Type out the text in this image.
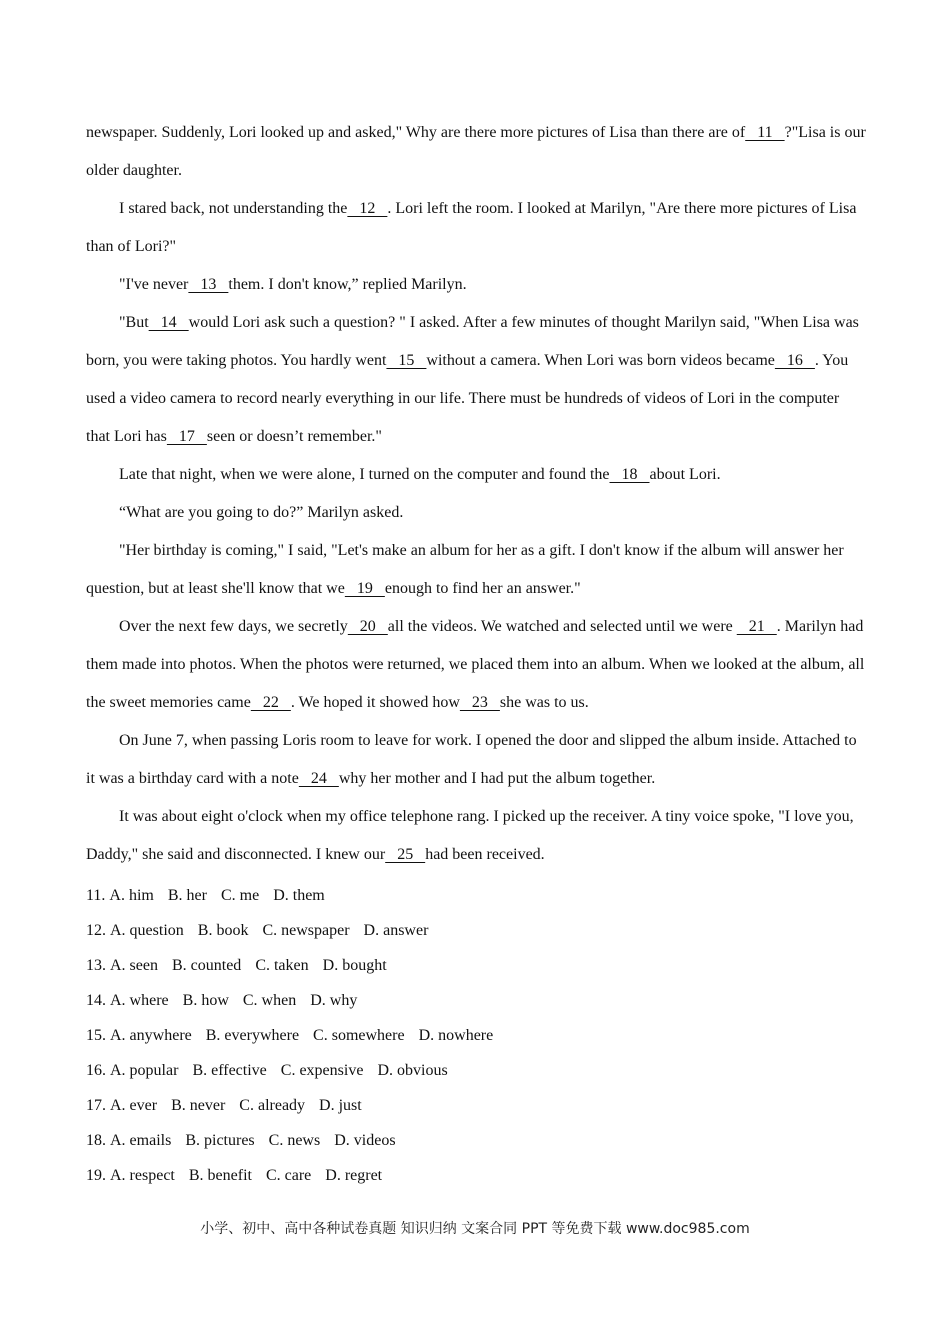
newspaper. Suddenly, Lori looked up and asked," Why are there more pictures of Lisa than there are of   11   ?"Lisa is our older daughter.

I stared back, not understanding the   12   . Lori left the room. I looked at Marilyn, "Are there more pictures of Lisa than of Lori?"

"I've never   13   them. I don't know,” replied Marilyn.

"But   14   would Lori ask such a question? " I asked. After a few minutes of thought Marilyn said, "When Lisa was born, you were taking photos. You hardly went   15   without a camera. When Lori was born videos became   16   . You used a video camera to record nearly everything in our life. There must be hundreds of videos of Lori in the computer that Lori has   17   seen or doesn’t remember."

Late that night, when we were alone, I turned on the computer and found the   18   about Lori.

“What are you going to do?” Marilyn asked.

"Her birthday is coming," I said, "Let's make an album for her as a gift. I don't know if the album will answer her question, but at least she'll know that we   19   enough to find her an answer."

Over the next few days, we secretly   20   all the videos. We watched and selected until we were    21   . Marilyn had them made into photos. When the photos were returned, we placed them into an album. When we looked at the album, all the sweet memories came   22   . We hoped it showed how   23   she was to us.

On June 7, when passing Loris room to leave for work. I opened the door and slipped the album inside. Attached to it was a birthday card with a note   24   why her mother and I had put the album together.

It was about eight o'clock when my office telephone rang. I picked up the receiver. A tiny voice spoke, "I love you, Daddy," she said and disconnected. I knew our   25   had been received.

11. A. him B. her C. me D. them
12. A. question B. book C. newspaper D. answer
13. A. seen B. counted C. taken D. bought
14. A. where B. how C. when D. why
15. A. anywhere B. everywhere C. somewhere D. nowhere
16. A. popular B. effective C. expensive D. obvious
17. A. ever B. never C. already D. just
18. A. emails B. pictures C. news D. videos
19. A. respect B. benefit C. care D. regret
小学、初中、高中各种试卷真题 知识归纳 文案合同 PPT 等免费下载 www.doc985.com
